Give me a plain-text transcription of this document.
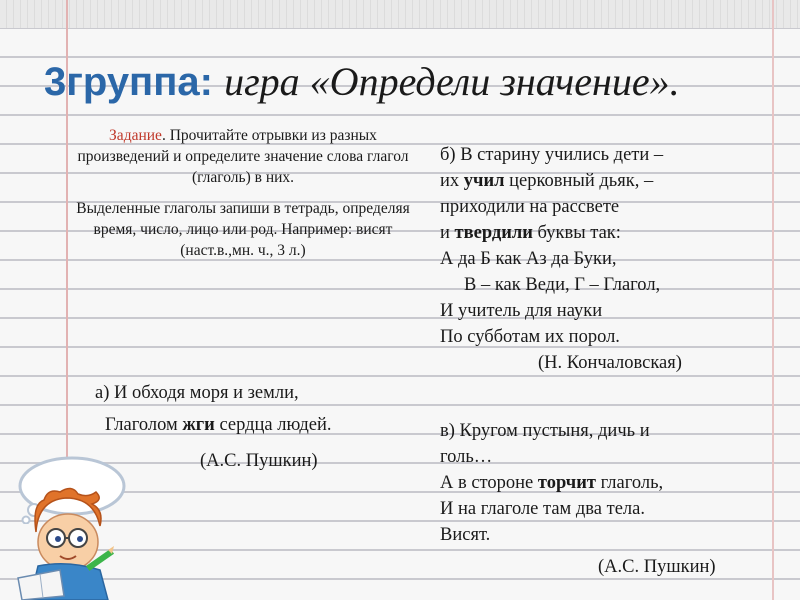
3группа: игра «Определи значение».

Задание. Прочитайте отрывки из разных произведений и определите значение слова глагол (глаголь) в них.

Выделенные глаголы запиши в тетрадь, определяя время, число, лицо или род. Например: висят (наст.в.,мн. ч., 3 л.)

а) И обходя моря и земли,
Глаголом жги сердца людей.
(А.С. Пушкин)
б) В старину учились дети –
их учил церковный дьяк, –
приходили на рассвете
и твердили буквы так:
А да Б как Аз да Буки,
В – как Веди, Г – Глагол,
И учитель для науки
По субботам их порол.
(Н. Кончаловская)
в) Кругом пустыня, дичь и
голь…
А в стороне торчит глаголь,
И на глаголе там два тела.
Висят.
(А.С. Пушкин)
